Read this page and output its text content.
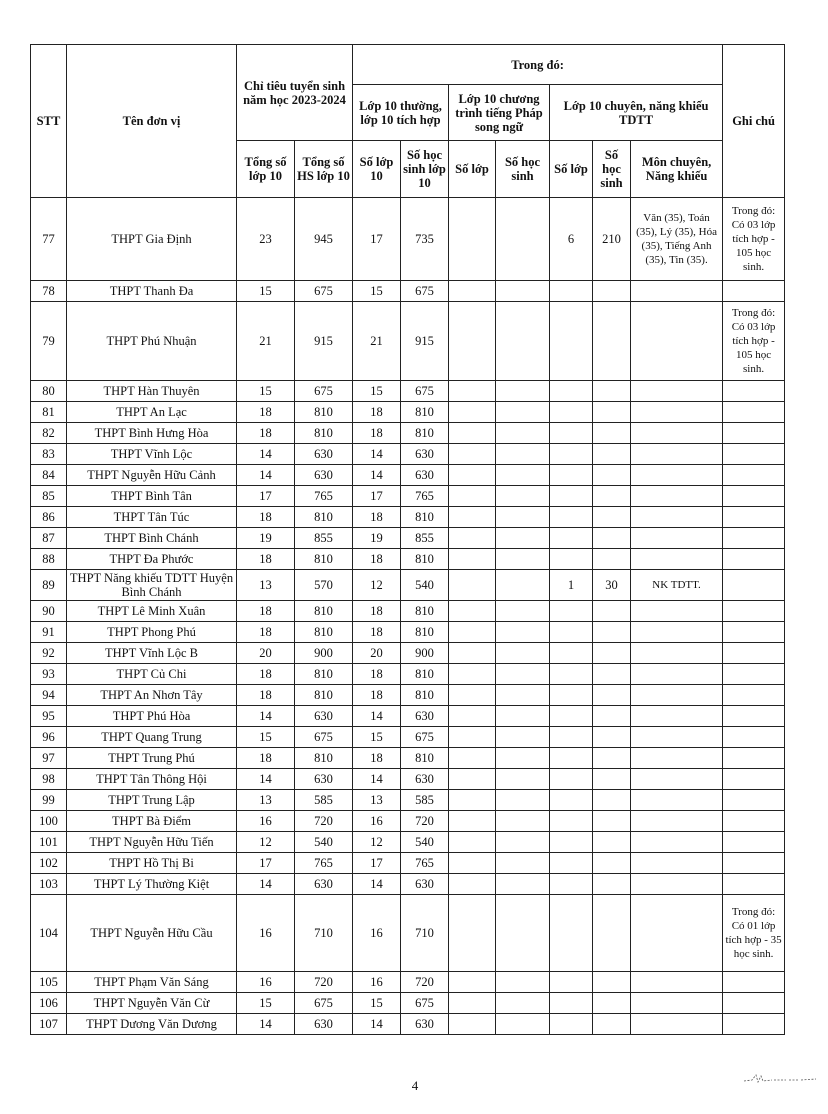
STT	Tên đơn vị	Chỉ tiêu tuyển sinh năm học 2023-2024		Trong đó:							Ghi chú
				Lớp 10 thường, lớp 10 tích hợp		Lớp 10 chương trình tiếng Pháp song ngữ		Lớp 10 chuyên, năng khiếu TDTT			
		Tổng số lớp 10	Tổng số HS lớp 10	Số lớp 10	Số học sinh lớp 10	Số lớp	Số học sinh	Số lớp	Số học sinh	Môn chuyên, Năng khiếu	
77	THPT Gia Định	23	945	17	735			6	210	Văn (35), Toán (35), Lý (35), Hóa (35), Tiếng Anh (35), Tin (35).	Trong đó: Có 03 lớp tích hợp - 105 học sinh.
78	THPT Thanh Đa	15	675	15	675						
79	THPT Phú Nhuận	21	915	21	915						Trong đó: Có 03 lớp tích hợp - 105 học sinh.
80	THPT Hàn Thuyên	15	675	15	675						
81	THPT An Lạc	18	810	18	810						
82	THPT Bình Hưng Hòa	18	810	18	810						
83	THPT Vĩnh Lộc	14	630	14	630						
84	THPT Nguyễn Hữu Cảnh	14	630	14	630						
85	THPT Bình Tân	17	765	17	765						
86	THPT Tân Túc	18	810	18	810						
87	THPT Bình Chánh	19	855	19	855						
88	THPT Đa Phước	18	810	18	810						
89	THPT Năng khiếu TDTT Huyện Bình Chánh	13	570	12	540			1	30	NK TDTT.	
90	THPT Lê Minh Xuân	18	810	18	810						
91	THPT Phong Phú	18	810	18	810						
92	THPT Vĩnh Lộc B	20	900	20	900						
93	THPT Củ Chi	18	810	18	810						
94	THPT An Nhơn Tây	18	810	18	810						
95	THPT Phú Hòa	14	630	14	630						
96	THPT Quang Trung	15	675	15	675						
97	THPT Trung Phú	18	810	18	810						
98	THPT Tân Thông Hội	14	630	14	630						
99	THPT Trung Lập	13	585	13	585						
100	THPT Bà Điểm	16	720	16	720						
101	THPT Nguyễn Hữu Tiến	12	540	12	540						
102	THPT Hồ Thị Bi	17	765	17	765						
103	THPT Lý Thường Kiệt	14	630	14	630						
104	THPT Nguyễn Hữu Cầu	16	710	16	710						Trong đó: Có 01 lớp tích hợp - 35 học sinh.
105	THPT Phạm Văn Sáng	16	720	16	720						
106	THPT Nguyễn Văn Cừ	15	675	15	675						
107	THPT Dương Văn Dương	14	630	14	630						
4
